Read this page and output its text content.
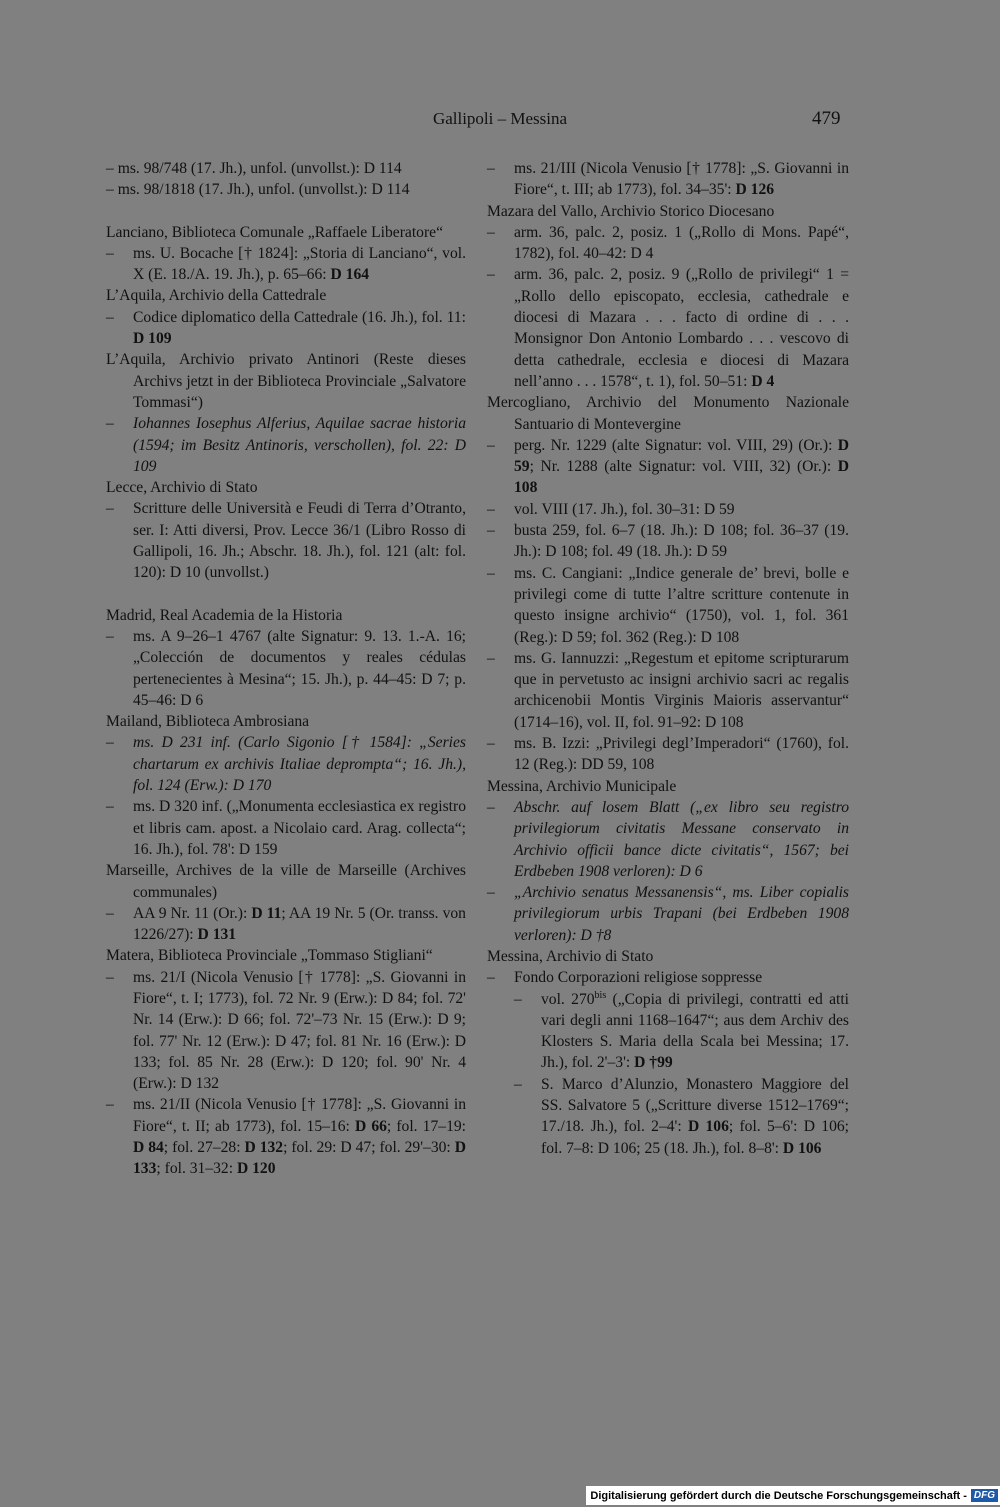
Gallipoli – Messina	479

– ms. 98/748 (17. Jh.), unfol. (unvollst.): D 114

– ms. 98/1818 (17. Jh.), unfol. (unvollst.): D 114

Lanciano, Biblioteca Comunale „Raffaele Liberatore“

– ms. U. Bocache [† 1824]: „Storia di Lanciano“, vol. X (E. 18./A. 19. Jh.), p. 65–66: D 164

L’Aquila, Archivio della Cattedrale

– Codice diplomatico della Cattedrale (16. Jh.), fol. 11: D 109

L’Aquila, Archivio privato Antinori (Reste dieses Archivs jetzt in der Biblioteca Provinciale „Salvatore Tommasi“)

– Iohannes Iosephus Alferius, Aquilae sacrae historia (1594; im Besitz Antinoris, verschollen), fol. 22: D 109

Lecce, Archivio di Stato

– Scritture delle Università e Feudi di Terra d’Otranto, ser. I: Atti diversi, Prov. Lecce 36/1 (Libro Rosso di Gallipoli, 16. Jh.; Abschr. 18. Jh.), fol. 121 (alt: fol. 120): D 10 (unvollst.)

Madrid, Real Academia de la Historia

– ms. A 9–26–1 4767 (alte Signatur: 9. 13. 1.-A. 16; „Colección de documentos y reales cédulas pertenecientes à Mesina“; 15. Jh.), p. 44–45: D 7; p. 45–46: D 6

Mailand, Biblioteca Ambrosiana

– ms. D 231 inf. (Carlo Sigonio [† 1584]: „Series chartarum ex archivis Italiae deprompta“; 16. Jh.), fol. 124 (Erw.): D 170

– ms. D 320 inf. („Monumenta ecclesiastica ex registro et libris cam. apost. a Nicolaio card. Arag. collecta“; 16. Jh.), fol. 78': D 159

Marseille, Archives de la ville de Marseille (Archives communales)

– AA 9 Nr. 11 (Or.): D 11; AA 19 Nr. 5 (Or. transs. von 1226/27): D 131

Matera, Biblioteca Provinciale „Tommaso Stigliani“

– ms. 21/I (Nicola Venusio [† 1778]: „S. Giovanni in Fiore“, t. I; 1773), fol. 72 Nr. 9 (Erw.): D 84; fol. 72' Nr. 14 (Erw.): D 66; fol. 72'–73 Nr. 15 (Erw.): D 9; fol. 77' Nr. 12 (Erw.): D 47; fol. 81 Nr. 16 (Erw.): D 133; fol. 85 Nr. 28 (Erw.): D 120; fol. 90' Nr. 4 (Erw.): D 132

– ms. 21/II (Nicola Venusio [† 1778]: „S. Giovanni in Fiore“, t. II; ab 1773), fol. 15–16: D 66; fol. 17–19: D 84; fol. 27–28: D 132; fol. 29: D 47; fol. 29'–30: D 133; fol. 31–32: D 120

– ms. 21/III (Nicola Venusio [† 1778]: „S. Giovanni in Fiore“, t. III; ab 1773), fol. 34–35': D 126

Mazara del Vallo, Archivio Storico Diocesano

– arm. 36, palc. 2, posiz. 1 („Rollo di Mons. Papé“, 1782), fol. 40–42: D 4

– arm. 36, palc. 2, posiz. 9 („Rollo de privilegi“ 1 = „Rollo dello episcopato, ecclesia, cathedrale e diocesi di Mazara . . . facto di ordine di . . . Monsignor Don Antonio Lombardo . . . vescovo di detta cathedrale, ecclesia e diocesi di Mazara nell’anno . . . 1578“, t. 1), fol. 50–51: D 4

Mercogliano, Archivio del Monumento Nazionale Santuario di Montevergine

– perg. Nr. 1229 (alte Signatur: vol. VIII, 29) (Or.): D 59; Nr. 1288 (alte Signatur: vol. VIII, 32) (Or.): D 108

– vol. VIII (17. Jh.), fol. 30–31: D 59

– busta 259, fol. 6–7 (18. Jh.): D 108; fol. 36–37 (19. Jh.): D 108; fol. 49 (18. Jh.): D 59

– ms. C. Cangiani: „Indice generale de’ brevi, bolle e privilegi come di tutte l’altre scritture contenute in questo insigne archivio“ (1750), vol. 1, fol. 361 (Reg.): D 59; fol. 362 (Reg.): D 108

– ms. G. Iannuzzi: „Regestum et epitome scripturarum que in pervetusto ac insigni archivio sacri ac regalis archicenobii Montis Virginis Maioris asservantur“ (1714–16), vol. II, fol. 91–92: D 108

– ms. B. Izzi: „Privilegi degl’Imperadori“ (1760), fol. 12 (Reg.): DD 59, 108

Messina, Archivio Municipale

– Abschr. auf losem Blatt („ex libro seu registro privilegiorum civitatis Messane conservato in Archivio officii bance dicte civitatis“, 1567; bei Erdbeben 1908 verloren): D 6

– „Archivio senatus Messanensis“, ms. Liber copialis privilegiorum urbis Trapani (bei Erdbeben 1908 verloren): D †8

Messina, Archivio di Stato

– Fondo Corporazioni religiose soppresse

– vol. $270^{bis}$ („Copia di privilegi, contratti ed atti vari degli anni 1168–1647“; aus dem Archiv des Klosters S. Maria della Scala bei Messina; 17. Jh.), fol. 2'–3': D †99

– S. Marco d’Alunzio, Monastero Maggiore del SS. Salvatore 5 („Scritture diverse 1512–1769“; 17./18. Jh.), fol. 2–4': D 106; fol. 5–6': D 106; fol. 7–8: D 106; 25 (18. Jh.), fol. 8–8': D 106

Digitalisierung gefördert durch die Deutsche Forschungsgemeinschaft - DFG
